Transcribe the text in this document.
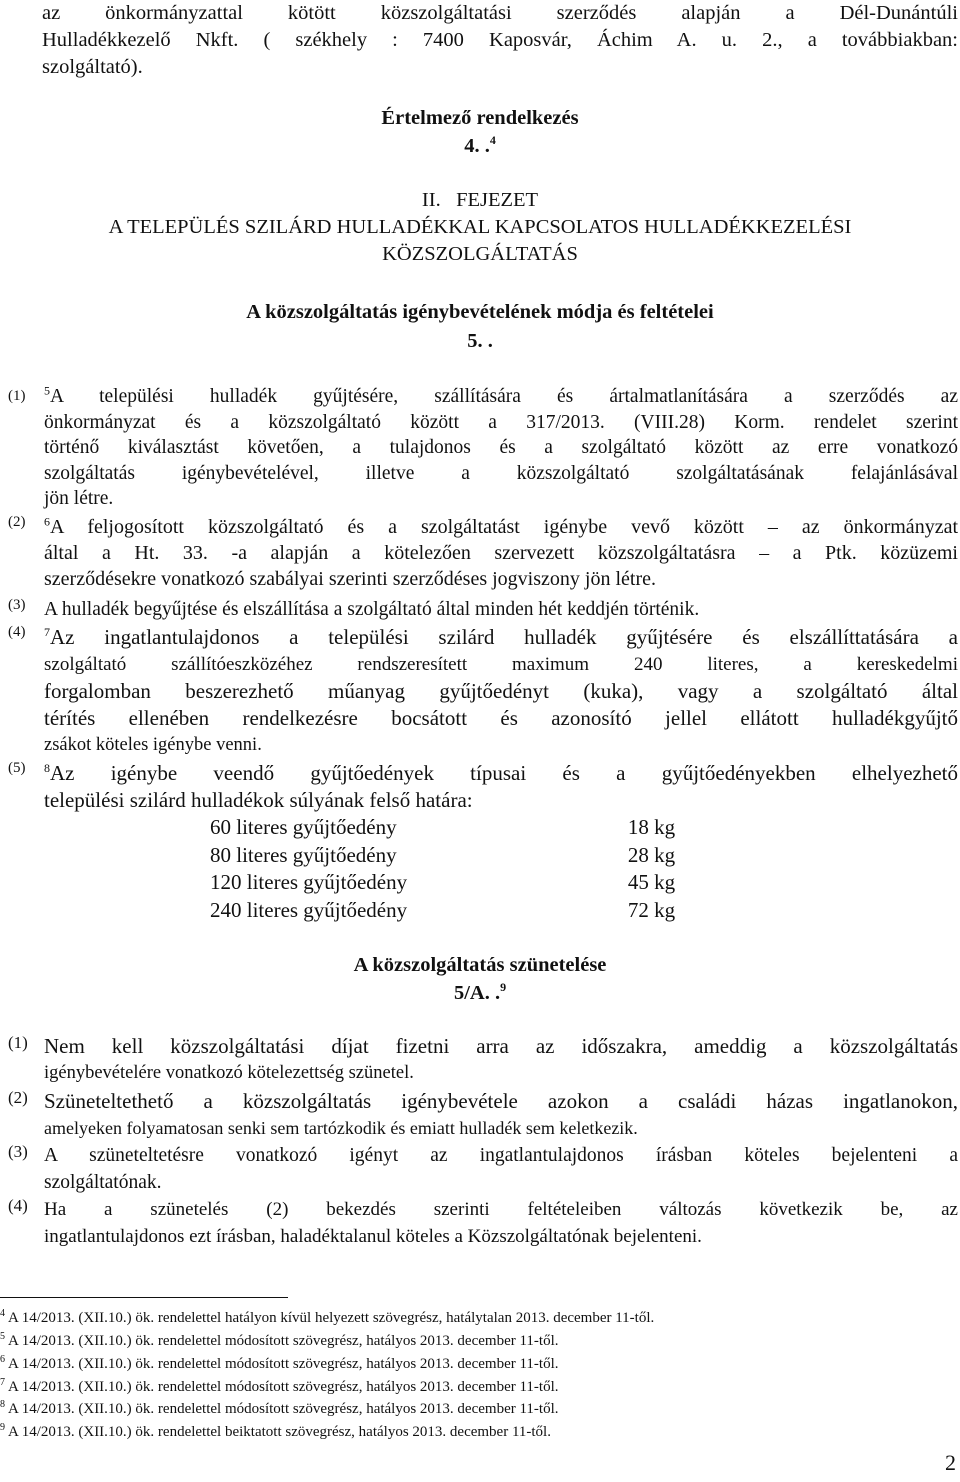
az önkormányzattal kötött közszolgáltatási szerződés alapján a Dél-Dunántúli
Hulladékkezelő Nkft. ( székhely : 7400 Kaposvár, Áchim A. u. 2., a továbbiakban:
szolgáltató).
Értelmező rendelkezés
4. .$^4$
II.   FEJEZET
A TELEPÜLÉS SZILÁRD HULLADÉKKAL KAPCSOLATOS HULLADÉKKEZELÉSI
KÖZSZOLGÁLTATÁS
A közszolgáltatás igénybevételének módja és feltételei
5. .
(1) $^5$A települési hulladék gyűjtésére, szállítására és ártalmatlanítására a szerződés az
önkormányzat és a közszolgáltató között a 317/2013. (VIII.28) Korm. rendelet szerint
történő kiválasztást követően, a tulajdonos és a szolgáltató között az erre vonatkozó
szolgáltatás igénybevételével, illetve a közszolgáltató szolgáltatásának felajánlásával
jön létre.
(2) $^6$A feljogosított közszolgáltató és a szolgáltatást igénybe vevő között – az önkormányzat
által a Ht. 33. -a alapján a kötelezően szervezett közszolgáltatásra – a Ptk. közüzemi
szerződésekre vonatkozó szabályai szerinti szerződéses jogviszony jön létre.
(3) A hulladék begyűjtése és elszállítása a szolgáltató által minden hét keddjén történik.
(4) $^7$Az ingatlantulajdonos a települési szilárd hulladék gyűjtésére és elszállíttatására a
szolgáltató szállítóeszközéhez rendszeresített maximum 240 literes, a kereskedelmi
forgalomban beszerezhető műanyag gyűjtőedényt (kuka), vagy a szolgáltató által
térítés ellenében rendelkezésre bocsátott és azonosító jellel ellátott hulladékgyűjtő
zsákot köteles igénybe venni.
(5) $^8$Az igénybe veendő gyűjtőedények típusai és a gyűjtőedényekben elhelyezhető
települési szilárd hulladékok súlyának felső határa:
60 literes gyűjtőedény	18 kg
80 literes gyűjtőedény	28 kg
120 literes gyűjtőedény	45 kg
240 literes gyűjtőedény	72 kg
A közszolgáltatás szünetelése
5/A. .$^9$
(1) Nem kell közszolgáltatási díjat fizetni arra az időszakra, ameddig a közszolgáltatás
igénybevételére vonatkozó kötelezettség szünetel.
(2) Szüneteltethető a közszolgáltatás igénybevétele azokon a családi házas ingatlanokon,
amelyeken folyamatosan senki sem tartózkodik és emiatt hulladék sem keletkezik.
(3) A szüneteltetésre vonatkozó igényt az ingatlantulajdonos írásban köteles bejelenteni a
szolgáltatónak.
(4) Ha a szünetelés (2) bekezdés szerinti feltételeiben változás következik be, az
ingatlantulajdonos ezt írásban, haladéktalanul köteles a Közszolgáltatónak bejelenteni.
$^4$ A 14/2013. (XII.10.) ök. rendelettel hatályon kívül helyezett szövegrész, hatálytalan 2013. december 11-től.
$^5$ A 14/2013. (XII.10.) ök. rendelettel módosított szövegrész, hatályos 2013. december 11-től.
$^6$ A 14/2013. (XII.10.) ök. rendelettel módosított szövegrész, hatályos 2013. december 11-től.
$^7$ A 14/2013. (XII.10.) ök. rendelettel módosított szövegrész, hatályos 2013. december 11-től.
$^8$ A 14/2013. (XII.10.) ök. rendelettel módosított szövegrész, hatályos 2013. december 11-től.
$^9$ A 14/2013. (XII.10.) ök. rendelettel beiktatott szövegrész, hatályos 2013. december 11-től.
2
